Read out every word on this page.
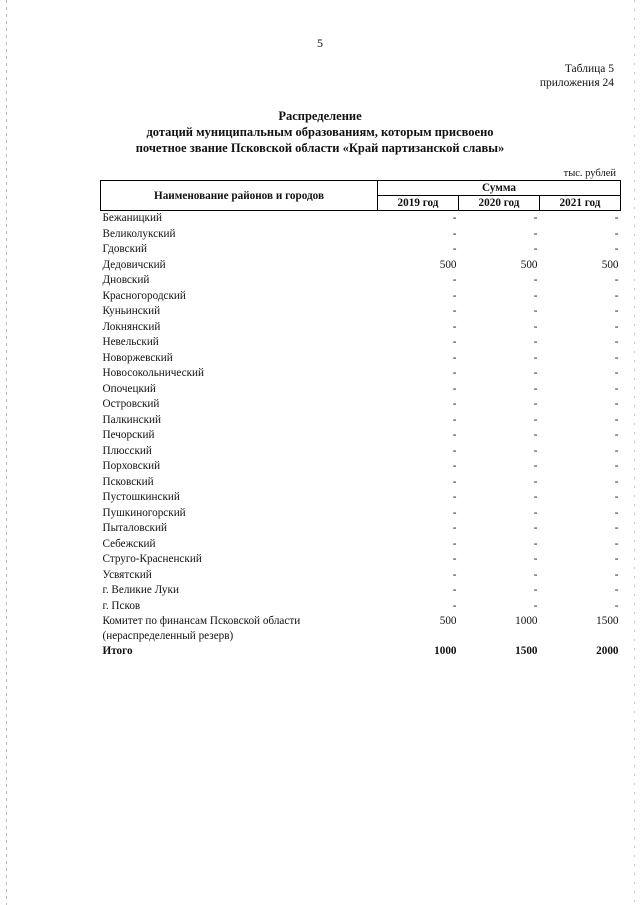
5
Таблица 5
приложения 24
Распределение
дотаций муниципальным образованиям, которым присвоено
почетное звание Псковской области «Край партизанской славы»
тыс. рублей
Наименование районов и городов	Сумма		
	2019 год	2020 год	2021 год
Бежаницкий	-	-	-
Великолукский	-	-	-
Гдовский	-	-	-
Дедовичский	500	500	500
Дновский	-	-	-
Красногородский	-	-	-
Куньинский	-	-	-
Локнянский	-	-	-
Невельский	-	-	-
Новоржевский	-	-	-
Новосокольнический	-	-	-
Опочецкий	-	-	-
Островский	-	-	-
Палкинский	-	-	-
Печорский	-	-	-
Плюсский	-	-	-
Порховский	-	-	-
Псковский	-	-	-
Пустошкинский	-	-	-
Пушкиногорский	-	-	-
Пыталовский	-	-	-
Себежский	-	-	-
Струго-Красненский	-	-	-
Усвятский	-	-	-
г. Великие Луки	-	-	-
г. Псков	-	-	-

Комитет по финансам Псковской области
(нераспределенный резерв)	500	1000	1500
Итого	1000	1500	2000
